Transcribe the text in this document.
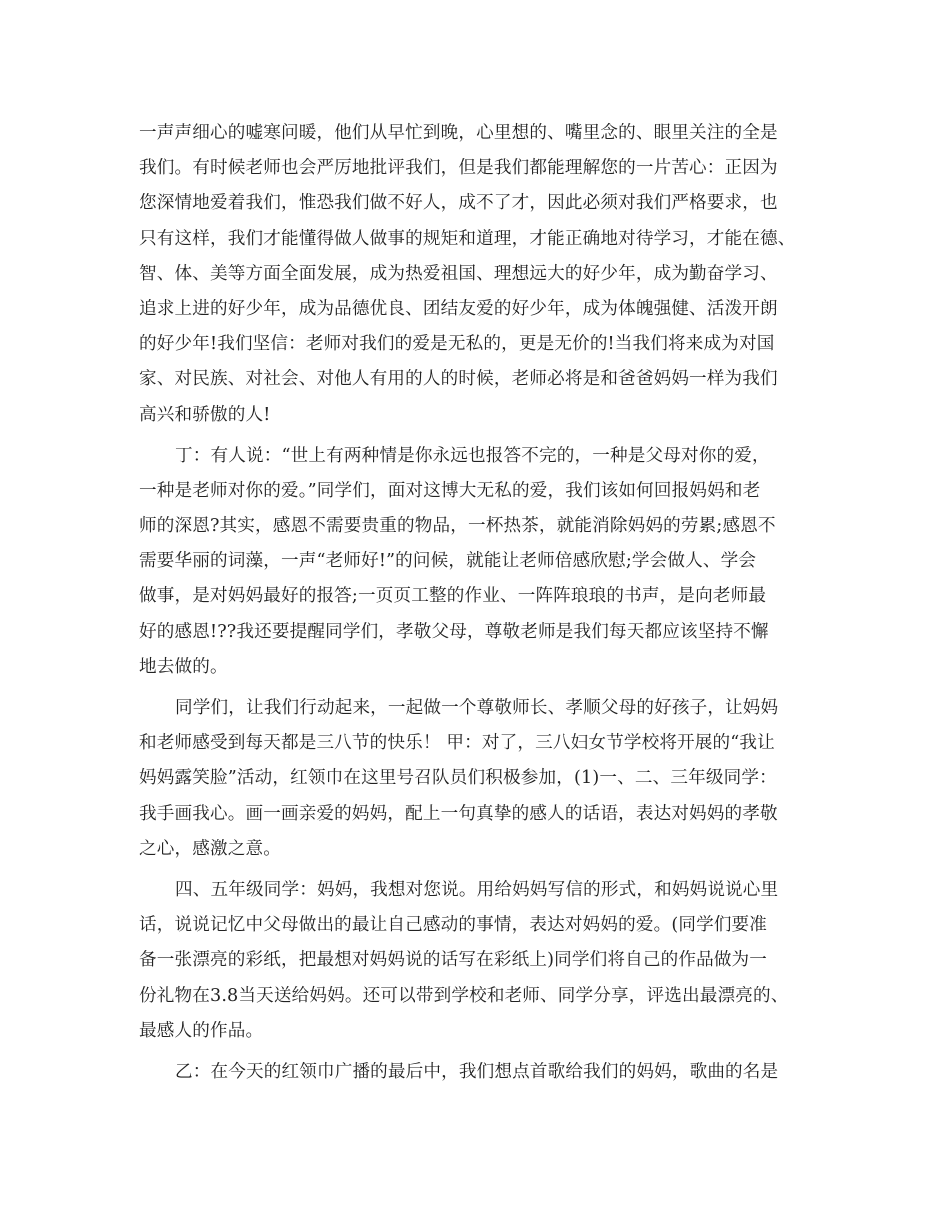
一声声细心的嘘寒问暖，他们从早忙到晚，心里想的、嘴里念的、眼里关注的全是
我们。有时候老师也会严厉地批评我们，但是我们都能理解您的一片苦心：正因为
您深情地爱着我们，惟恐我们做不好人，成不了才，因此必须对我们严格要求，也
只有这样，我们才能懂得做人做事的规矩和道理，才能正确地对待学习，才能在德、
智、体、美等方面全面发展，成为热爱祖国、理想远大的好少年，成为勤奋学习、
追求上进的好少年，成为品德优良、团结友爱的好少年，成为体魄强健、活泼开朗
的好少年!我们坚信：老师对我们的爱是无私的，更是无价的!当我们将来成为对国
家、对民族、对社会、对他人有用的人的时候，老师必将是和爸爸妈妈一样为我们
高兴和骄傲的人!
丁：有人说：“世上有两种情是你永远也报答不完的，一种是父母对你的爱，
一种是老师对你的爱。”同学们，面对这博大无私的爱，我们该如何回报妈妈和老
师的深恩?其实，感恩不需要贵重的物品，一杯热茶，就能消除妈妈的劳累;感恩不
需要华丽的词藻，一声“老师好!”的问候，就能让老师倍感欣慰;学会做人、学会
做事，是对妈妈最好的报答;一页页工整的作业、一阵阵琅琅的书声，是向老师最
好的感恩!??我还要提醒同学们，孝敬父母，尊敬老师是我们每天都应该坚持不懈
地去做的。
同学们，让我们行动起来，一起做一个尊敬师长、孝顺父母的好孩子，让妈妈
和老师感受到每天都是三八节的快乐！ 甲：对了，三八妇女节学校将开展的“我让
妈妈露笑脸”活动，红领巾在这里号召队员们积极参加，(1)一、二、三年级同学：
我手画我心。画一画亲爱的妈妈，配上一句真挚的感人的话语，表达对妈妈的孝敬
之心，感激之意。
四、五年级同学：妈妈，我想对您说。用给妈妈写信的形式，和妈妈说说心里
话，说说记忆中父母做出的最让自己感动的事情，表达对妈妈的爱。(同学们要准
备一张漂亮的彩纸，把最想对妈妈说的话写在彩纸上)同学们将自己的作品做为一
份礼物在3.8当天送给妈妈。还可以带到学校和老师、同学分享，评选出最漂亮的、
最感人的作品。
乙：在今天的红领巾广播的最后中，我们想点首歌给我们的妈妈，歌曲的名是
